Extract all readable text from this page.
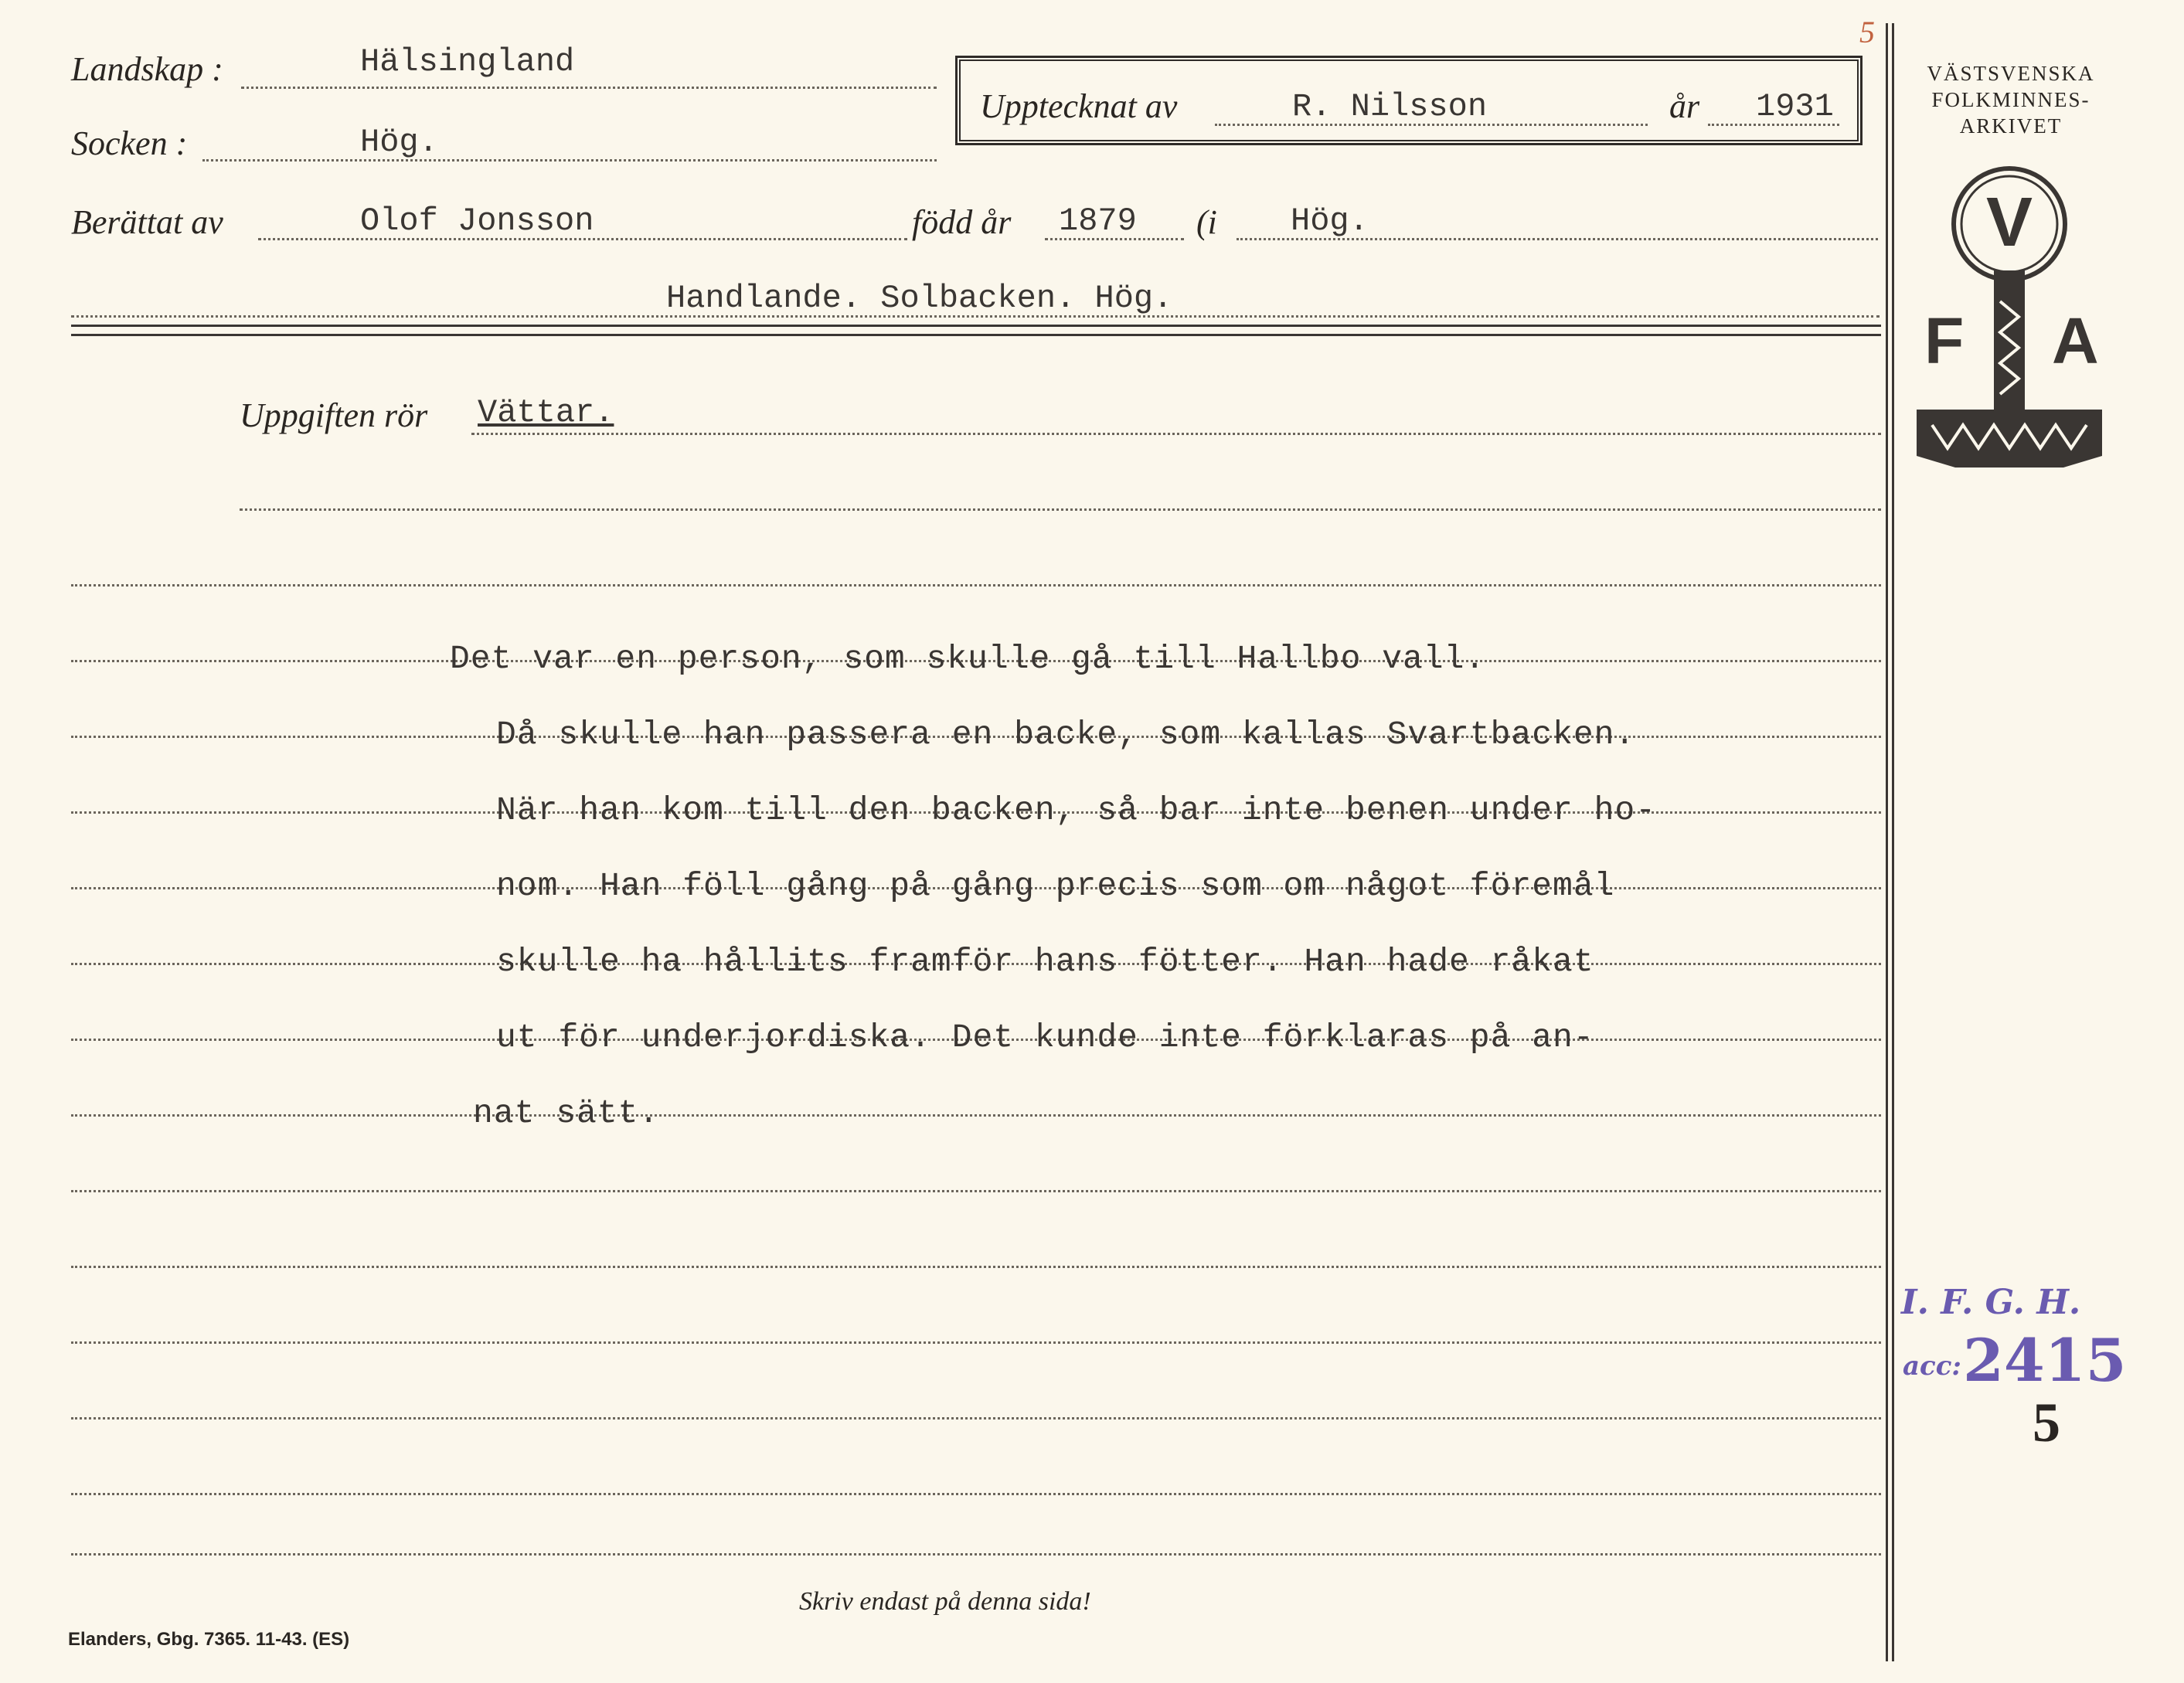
Landskap :	Hälsingland
Socken :	Hög.
Berättat av	Olof Jonsson	född år 1879 (i Hög.
Handlande. Solbacken. Hög.
Upptecknat av	R. Nilsson	år 1931
5
VÄSTSVENSKA
FOLKMINNES-
ARKIVET
V
F A
Uppgiften rör Vättar.
Det var en person, som skulle gå till Hallbo vall.
Då skulle han passera en backe, som kallas Svartbacken.
När han kom till den backen, så bar inte benen under ho-
nom. Han föll gång på gång precis som om något föremål
skulle ha hållits framför hans fötter. Han hade råkat
ut för underjordiska. Det kunde inte förklaras på an-
nat sätt.
I. F. G. H.
acc: 2415
5
Skriv endast på denna sida!
Elanders, Gbg. 7365. 11-43. (ES)
